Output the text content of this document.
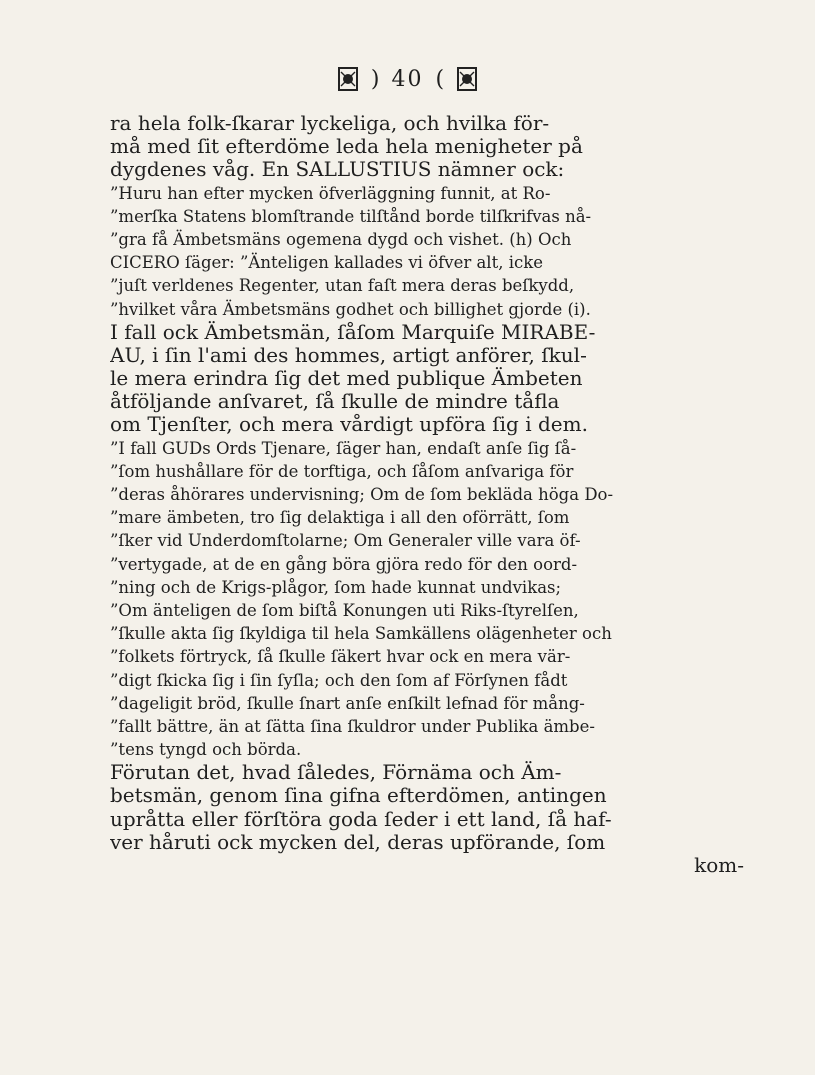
) 40 (
ra hela folk-ſkarar lyckeliga, och hvilka för-
må med ſit efterdöme leda hela menigheter på
dygdenes våg. En SALLUSTIUS nämner ock:
”Huru han efter mycken öfverläggning funnit, at Ro-
”merſka Statens blomſtrande tilſtånd borde tilſkrifvas nå-
”gra få Ämbetsmäns ogemena dygd och vishet. (h) Och
CICERO ſäger: ”Änteligen kallades vi öfver alt, icke
”juſt verldenes Regenter, utan faſt mera deras beſkydd,
”hvilket våra Ämbetsmäns godhet och billighet gjorde (i).
I fall ock Ämbetsmän, ſåſom Marquiſe MIRABE-
AU, i ſin l'ami des hommes, artigt anförer, ſkul-
le mera erindra ſig det med publique Ämbeten
åtföljande anſvaret, ſå ſkulle de mindre tåfla
om Tjenſter, och mera vårdigt upföra ſig i dem.
”I fall GUDs Ords Tjenare, ſäger han, endaſt anſe ſig ſå-
”ſom hushållare för de torftiga, och ſåſom anſvariga för
”deras åhörares undervisning; Om de ſom bekläda höga Do-
”mare ämbeten, tro ſig delaktiga i all den oförrätt, ſom
”ſker vid Underdomſtolarne; Om Generaler ville vara öf-
”vertygade, at de en gång böra gjöra redo för den oord-
”ning och de Krigs-plågor, ſom hade kunnat undvikas;
”Om änteligen de ſom biſtå Konungen uti Riks-ſtyrelſen,
”ſkulle akta ſig ſkyldiga til hela Samkällens olägenheter och
”folkets förtryck, ſå ſkulle ſäkert hvar ock en mera vär-
”digt ſkicka ſig i ſin ſyſla; och den ſom af Förſynen fådt
”dageligit bröd, ſkulle ſnart anſe enſkilt lefnad för mång-
”fallt bättre, än at ſätta ſina ſkuldror under Publika ämbe-
”tens tyngd och börda.
Förutan det, hvad ſåledes, Förnäma och Äm-
betsmän, genom ſina gifna efterdömen, antingen
upråtta eller förſtöra goda ſeder i ett land, ſå haf-
ver håruti ock mycken del, deras upförande, ſom
kom-
